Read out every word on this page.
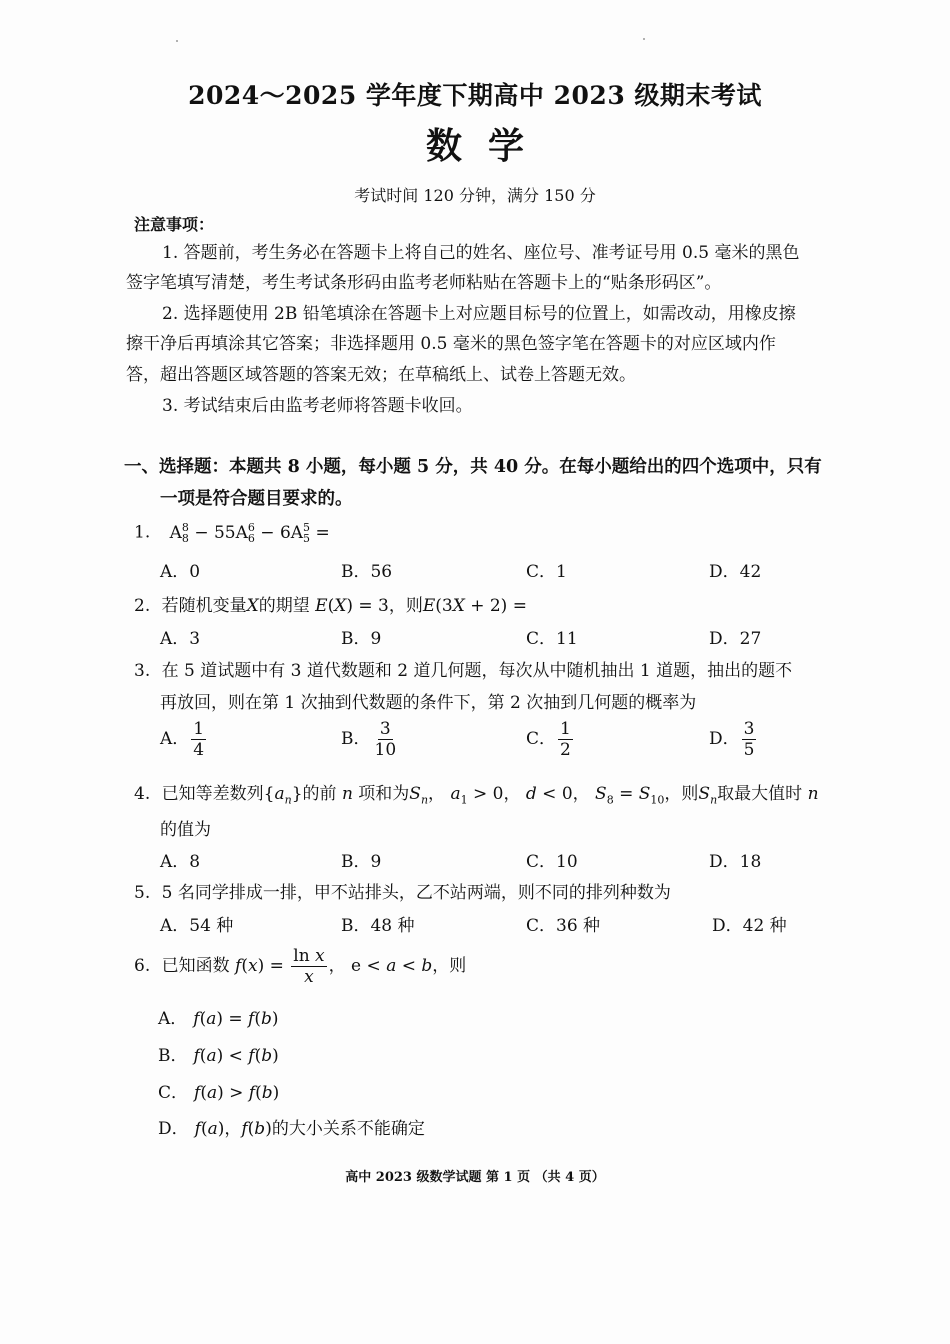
2024～2025 学年度下期高中 2023 级期末考试
数学
考试时间 120 分钟，满分 150 分
注意事项：
1. 答题前，考生务必在答题卡上将自己的姓名、座位号、准考证号用 0.5 毫米的黑色
签字笔填写清楚，考生考试条形码由监考老师粘贴在答题卡上的“贴条形码区”。
2. 选择题使用 2B 铅笔填涂在答题卡上对应题目标号的位置上，如需改动，用橡皮擦
擦干净后再填涂其它答案；非选择题用 0.5 毫米的黑色签字笔在答题卡的对应区域内作
答，超出答题区域答题的答案无效；在草稿纸上、试卷上答题无效。
3. 考试结束后由监考老师将答题卡收回。
一、选择题：本题共 8 小题，每小题 5 分，共 40 分。在每小题给出的四个选项中，只有
一项是符合题目要求的。
1. A 8
8 − 55A 6
6 − 6A 5
5 =
A．0	B．56	C．1	D．42
2. 若随机变量X的期望 E(X) = 3，则E(3X + 2) =
A．3	B．9	C．11	D．27
3. 在 5 道试题中有 3 道代数题和 2 道几何题，每次从中随机抽出 1 道题，抽出的题不
再放回，则在第 1 次抽到代数题的条件下，第 2 次抽到几何题的概率为
A． $\frac{1}{4}$	B． $\frac{3}{10}$	C． $\frac{1}{2}$	D． $\frac{3}{5}$
4. 已知等差数列$\{a_n\}$的前 n 项和为$S_n$， $a_1 > 0$， d < 0， $S_8 = S_{10}$，则$S_n$取最大值时 n
的值为
A．8	B．9	C．10	D．18
5. 5 名同学排成一排，甲不站排头，乙不站两端，则不同的排列种数为
A．54 种	B．48 种	C．36 种	D．42 种
6. 已知函数 $f(x) = \frac{\text{ln x}}{x}$ ， e < a < b，则
A． f(a) = f(b)
B． f(a) < f(b)
C． f(a) > f(b)
D． f(a)，f(b)的大小关系不能确定
高中 2023 级数学试题 第 1 页 （共 4 页）
